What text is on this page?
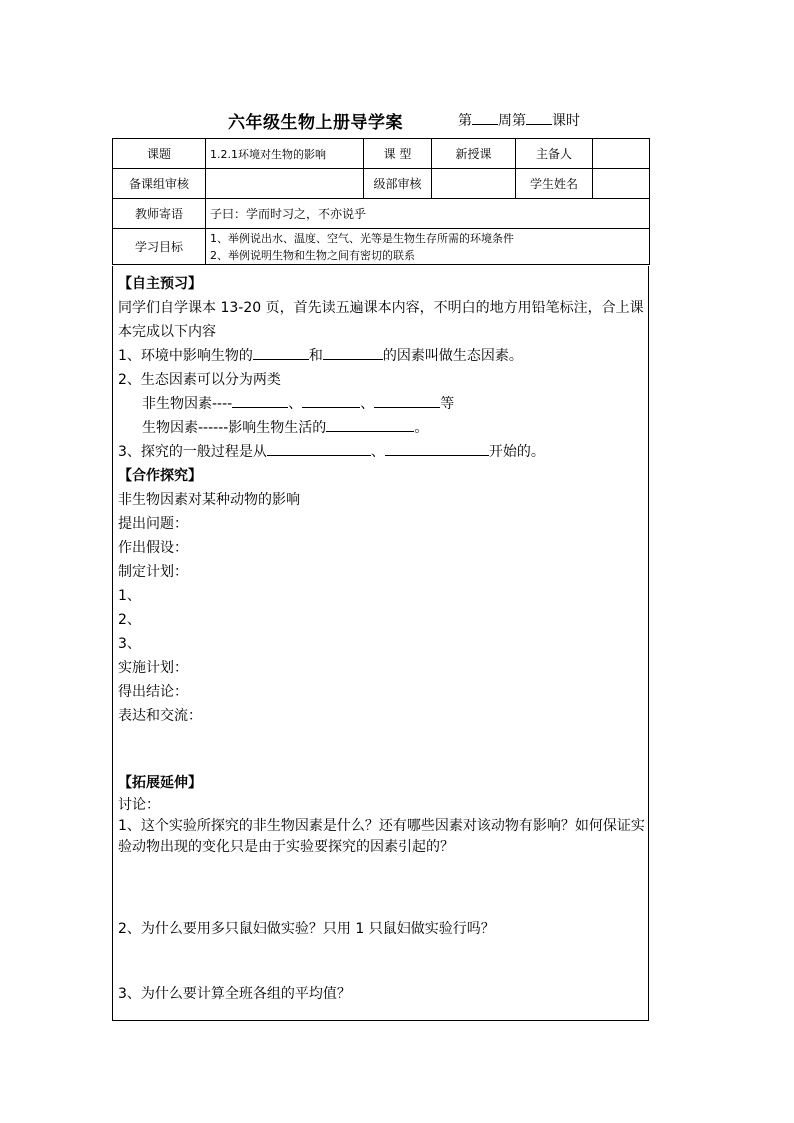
六年级生物上册导学案	第 周第 课时
课题	1.2.1环境对生物的影响	课 型	新授课	主备人	
备课组审核		级部审核		学生姓名	
教师寄语	子曰：学而时习之，不亦说乎				
学习目标	1、举例说出水、温度、空气、光等是生物生存所需的环境条件
2、举例说明生物和生物之间有密切的联系				
【自主预习】
同学们自学课本 13-20 页，首先读五遍课本内容，不明白的地方用铅笔标注，合上课
本完成以下内容
1、环境中影响生物的	和	的因素叫做生态因素。
2、生态因素可以分为两类
非生物因素----	、	、	等
生物因素------影响生物生活的	。
3、探究的一般过程是从	、	开始的。
【合作探究】
非生物因素对某种动物的影响
提出问题：
作出假设：
制定计划：
1、
2、
3、
实施计划：
得出结论：
表达和交流：
【拓展延伸】
讨论：
1、这个实验所探究的非生物因素是什么？还有哪些因素对该动物有影响？如何保证实
验动物出现的变化只是由于实验要探究的因素引起的？
2、为什么要用多只鼠妇做实验？只用 1 只鼠妇做实验行吗？
3、为什么要计算全班各组的平均值？
